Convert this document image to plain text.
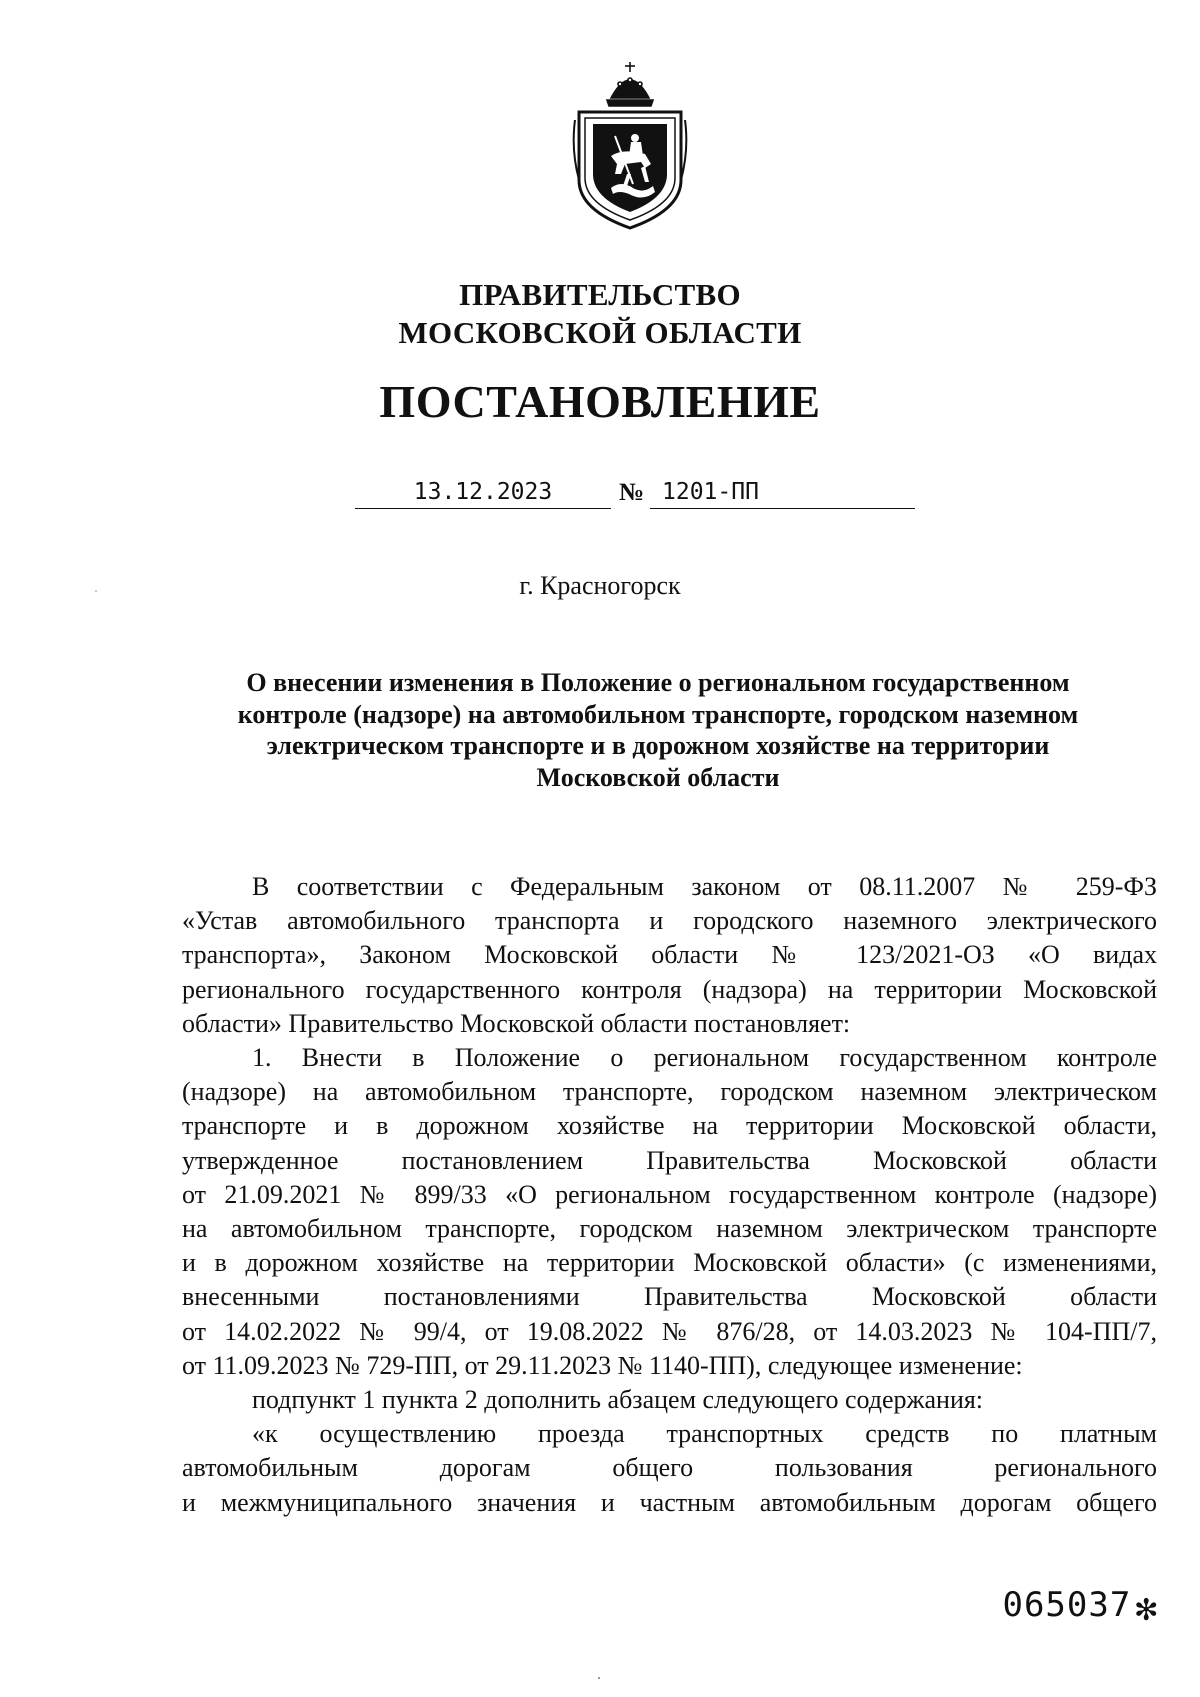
ПРАВИТЕЛЬСТВО
МОСКОВСКОЙ ОБЛАСТИ
ПОСТАНОВЛЕНИЕ
13.12.2023	№ 1201-ПП
г. Красногорск
О внесении изменения в Положение о региональном государственном
контроле (надзоре) на автомобильном транспорте, городском наземном
электрическом транспорте и в дорожном хозяйстве на территории
Московской области
В соответствии с Федеральным законом от 08.11.2007 № 259-ФЗ
«Устав автомобильного транспорта и городского наземного электрического
транспорта», Законом Московской области № 123/2021-ОЗ «О видах
регионального государственного контроля (надзора) на территории Московской
области» Правительство Московской области постановляет:
1. Внести в Положение о региональном государственном контроле
(надзоре) на автомобильном транспорте, городском наземном электрическом
транспорте и в дорожном хозяйстве на территории Московской области,
утвержденное постановлением Правительства Московской области
от 21.09.2021 № 899/33 «О региональном государственном контроле (надзоре)
на автомобильном транспорте, городском наземном электрическом транспорте
и в дорожном хозяйстве на территории Московской области» (с изменениями,
внесенными постановлениями Правительства Московской области
от 14.02.2022 № 99/4, от 19.08.2022 № 876/28, от 14.03.2023 № 104-ПП/7,
от 11.09.2023 № 729-ПП, от 29.11.2023 № 1140-ПП), следующее изменение:
подпункт 1 пункта 2 дополнить абзацем следующего содержания:
«к осуществлению проезда транспортных средств по платным
автомобильным дорогам общего пользования регионального
и межмуниципального значения и частным автомобильным дорогам общего
065037 ✻
